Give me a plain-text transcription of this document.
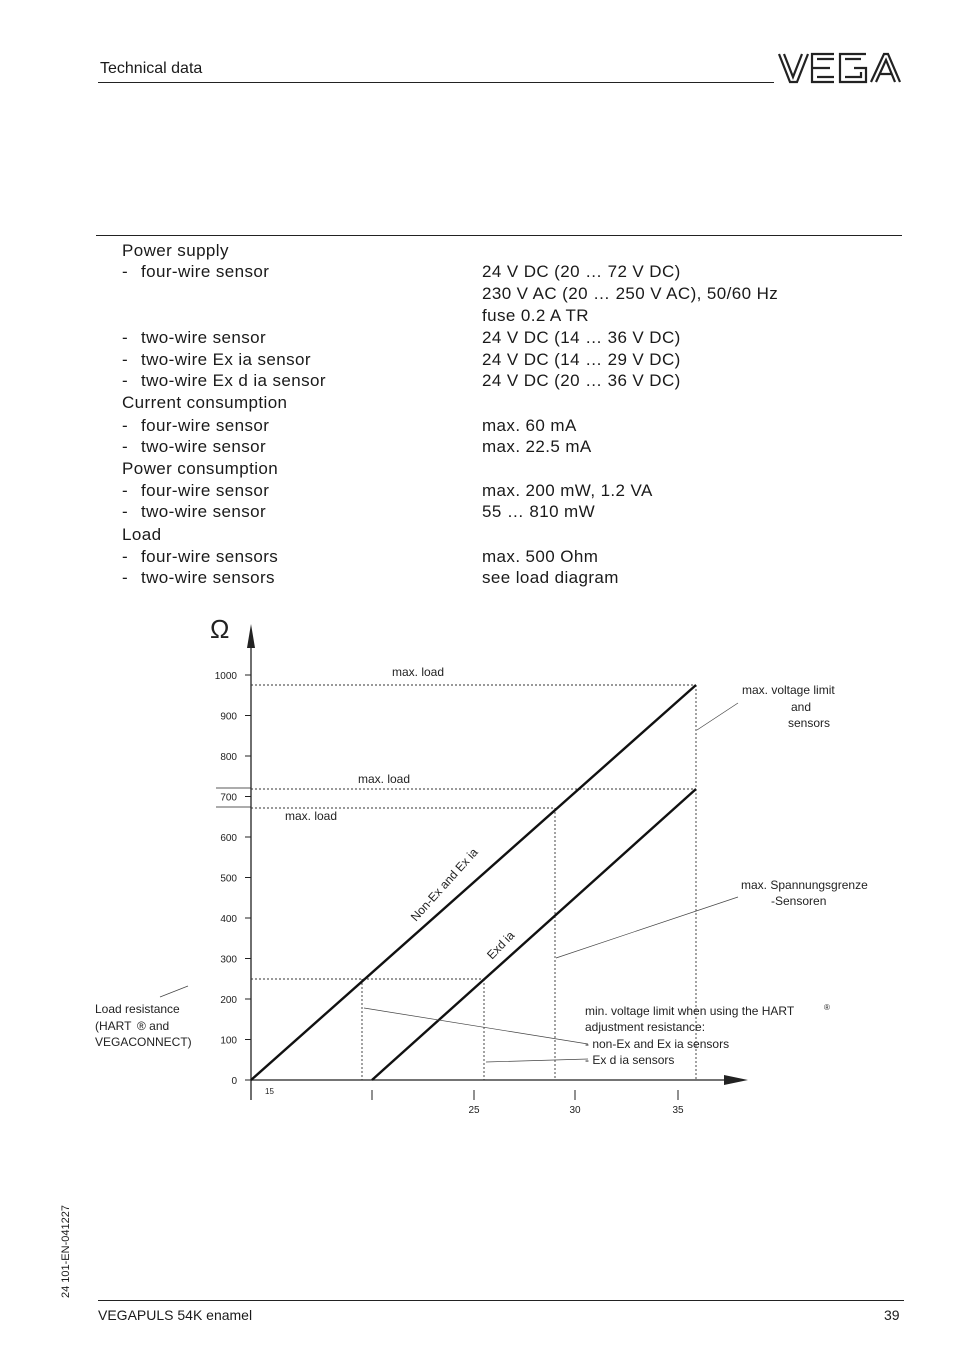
Technical data
Power supply
- four-wire sensor	24 V DC (20 … 72 V DC)
230 V AC (20 … 250 V AC), 50/60 Hz
fuse 0.2 A TR
- two-wire sensor	24 V DC (14 … 36 V DC)
- two-wire Ex ia sensor	24 V DC (14 … 29 V DC)
- two-wire Ex d ia sensor	24 V DC (20 … 36 V DC)
Current consumption
- four-wire sensor	max. 60 mA
- two-wire sensor	max. 22.5 mA
Power consumption
- four-wire sensor	max. 200 mW, 1.2 VA
- two-wire sensor	55 … 810 mW
Load
- four-wire sensors	max. 500 Ohm
- two-wire sensors	see load diagram
Ω
0
100
200
300
400
500
600
700
800
900
1000
15
25	30	35
max. load
max. load
max. load
Non-Ex and Ex ia
Exd ia
max. voltage limit
and
sensors
max. Spannungsgrenze
-Sensoren
Load resistance
(HART ® and
VEGACONNECT)
min. voltage limit when using the HART	®
adjustment resistance:
- non-Ex and Ex ia sensors
- Ex d ia sensors
24 101-EN-041227
VEGAPULS 54K enamel	39
